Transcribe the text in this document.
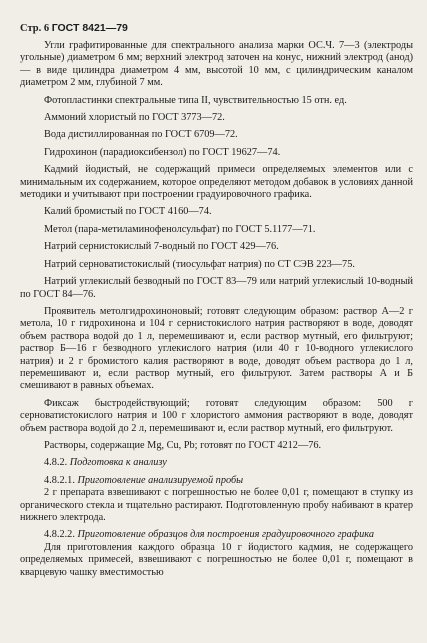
Стр. 6 ГОСТ 8421—79

Угли графитированные для спектрального анализа марки ОС.Ч. 7—3 (электроды угольные) диаметром 6 мм; верхний электрод заточен на конус, нижний электрод (анод) — в виде цилиндра диаметром 4 мм, высотой 10 мм, с цилиндрическим каналом диаметром 2 мм, глубиной 7 мм.

Фотопластинки спектральные типа II, чувствительностью 15 отн. ед.

Аммоний хлористый по ГОСТ 3773—72.

Вода дистиллированная по ГОСТ 6709—72.

Гидрохинон (парадиоксибензол) по ГОСТ 19627—74.

Кадмий йодистый, не содержащий примеси определяемых элементов или с минимальным их содержанием, которое определяют методом добавок в условиях данной методики и учитывают при построении градуировочного графика.

Калий бромистый по ГОСТ 4160—74.

Метол (пара-метиламинофенолсульфат) по ГОСТ 5.1177—71.

Натрий сернистокислый 7-водный по ГОСТ 429—76.

Натрий серноватистокислый (тиосульфат натрия) по СТ СЭВ 223—75.

Натрий углекислый безводный по ГОСТ 83—79 или натрий углекислый 10-водный по ГОСТ 84—76.

Проявитель метолгидрохиноновый; готовят следующим образом: раствор А—2 г метола, 10 г гидрохинона и 104 г сернистокислого натрия растворяют в воде, доводят объем раствора водой до 1 л, перемешивают и, если раствор мутный, его фильтруют; раствор Б—16 г безводного углекислого натрия (или 40 г 10-водного углекислого натрия) и 2 г бромистого калия растворяют в воде, доводят объем раствора до 1 л, перемешивают и, если раствор мутный, его фильтруют. Затем растворы А и Б смешивают в равных объемах.

Фиксаж быстродействующий; готовят следующим образом: 500 г серноватистокислого натрия и 100 г хлористого аммония растворяют в воде, доводят объем раствора водой до 2 л, перемешивают и, если раствор мутный, его фильтруют.

Растворы, содержащие Mg, Cu, Pb; готовят по ГОСТ 4212—76.

4.8.2. Подготовка к анализу

4.8.2.1. Приготовление анализируемой пробы

2 г препарата взвешивают с погрешностью не более 0,01 г, помещают в ступку из органического стекла и тщательно растирают. Подготовленную пробу набивают в кратер нижнего электрода.

4.8.2.2. Приготовление образцов для построения градуировочного графика

Для приготовления каждого образца 10 г йодистого кадмия, не содержащего определяемых примесей, взвешивают с погрешностью не более 0,01 г, помещают в кварцевую чашку вместимостью
